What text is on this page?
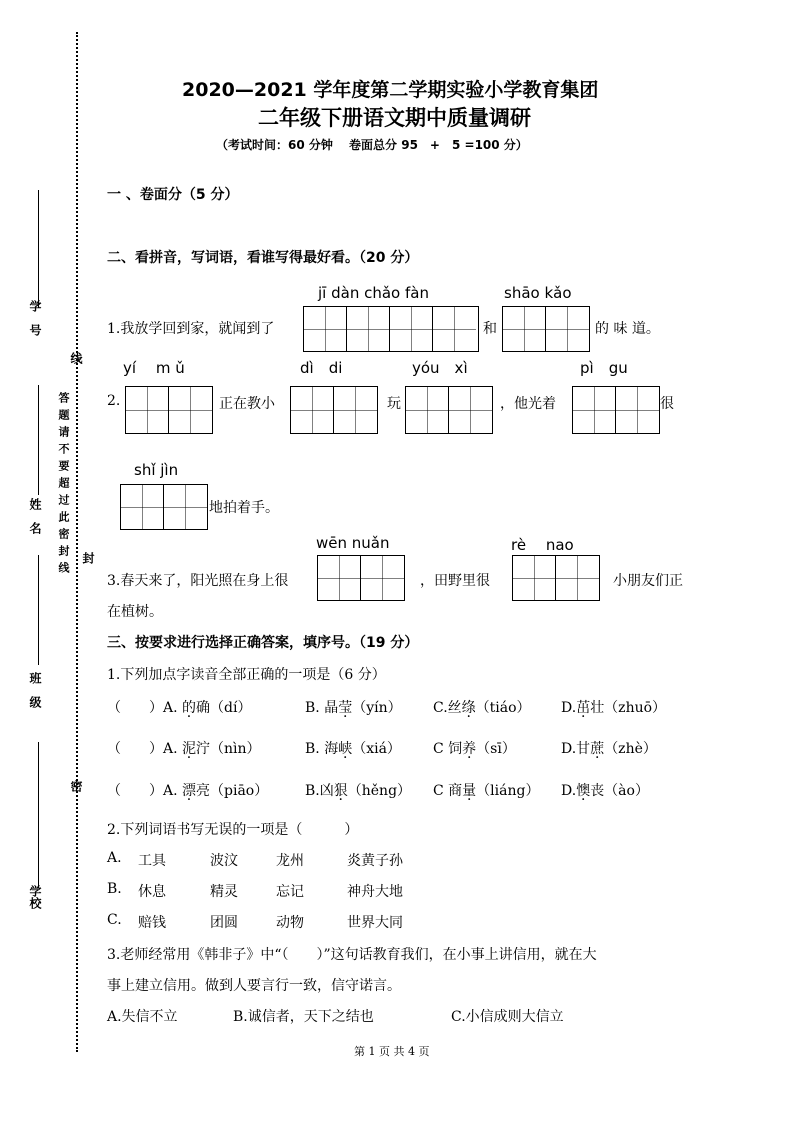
学　号
线
姓　名 答题请不要超过此密封线 封
班　级
密
学校
2020—2021 学年度第二学期实验小学教育集团
二年级下册语文期中质量调研
（考试时间：60 分钟　 卷面总分 95　+　5 =100 分）
一 、卷面分（5 分）
二、看拼音，写词语，看谁写得最好看。（20 分）
jī dàn chǎo fàn	shāo kǎo
1.我放学回到家，就闻到了	和	的 味 道。
yí　 m ǔ	dì　di	yóu　xì	pì　gu
2.	正在教小	玩	，他光着	很
shǐ jìn
地拍着手。
wēn nuǎn	rè　 nao
3.春天来了，阳光照在身上很	，田野里很	小朋友们正
在植树。
三、按要求进行选择正确答案，填序号。（19 分）
1.下列加点字读音全部正确的一项是（6 分）
（　　）A. 的确（dí）	B. 晶莹（yín） C.丝绦（tiáo） D.茁壮（zhuō）
（　　）A. 泥泞（nìn）	B. 海峡（xiá） C 饲养（sī）	D.甘蔗（zhè）
（　　）A. 漂亮（piāo）	B.凶狠（hěng） C 商量（liáng） D.懊丧（ào）
2.下列词语书写无误的一项是（　　　）
A. 工具	波汶	龙州	炎黄子孙
B. 休息	精灵	忘记	神舟大地
C. 赔钱	团圆	动物	世界大同
3.老师经常用《韩非子》中“（　　）”这句话教育我们，在小事上讲信用，就在大
事上建立信用。做到人要言行一致，信守诺言。
A.失信不立	B.诚信者，天下之结也	C.小信成则大信立
第 1 页 共 4 页
